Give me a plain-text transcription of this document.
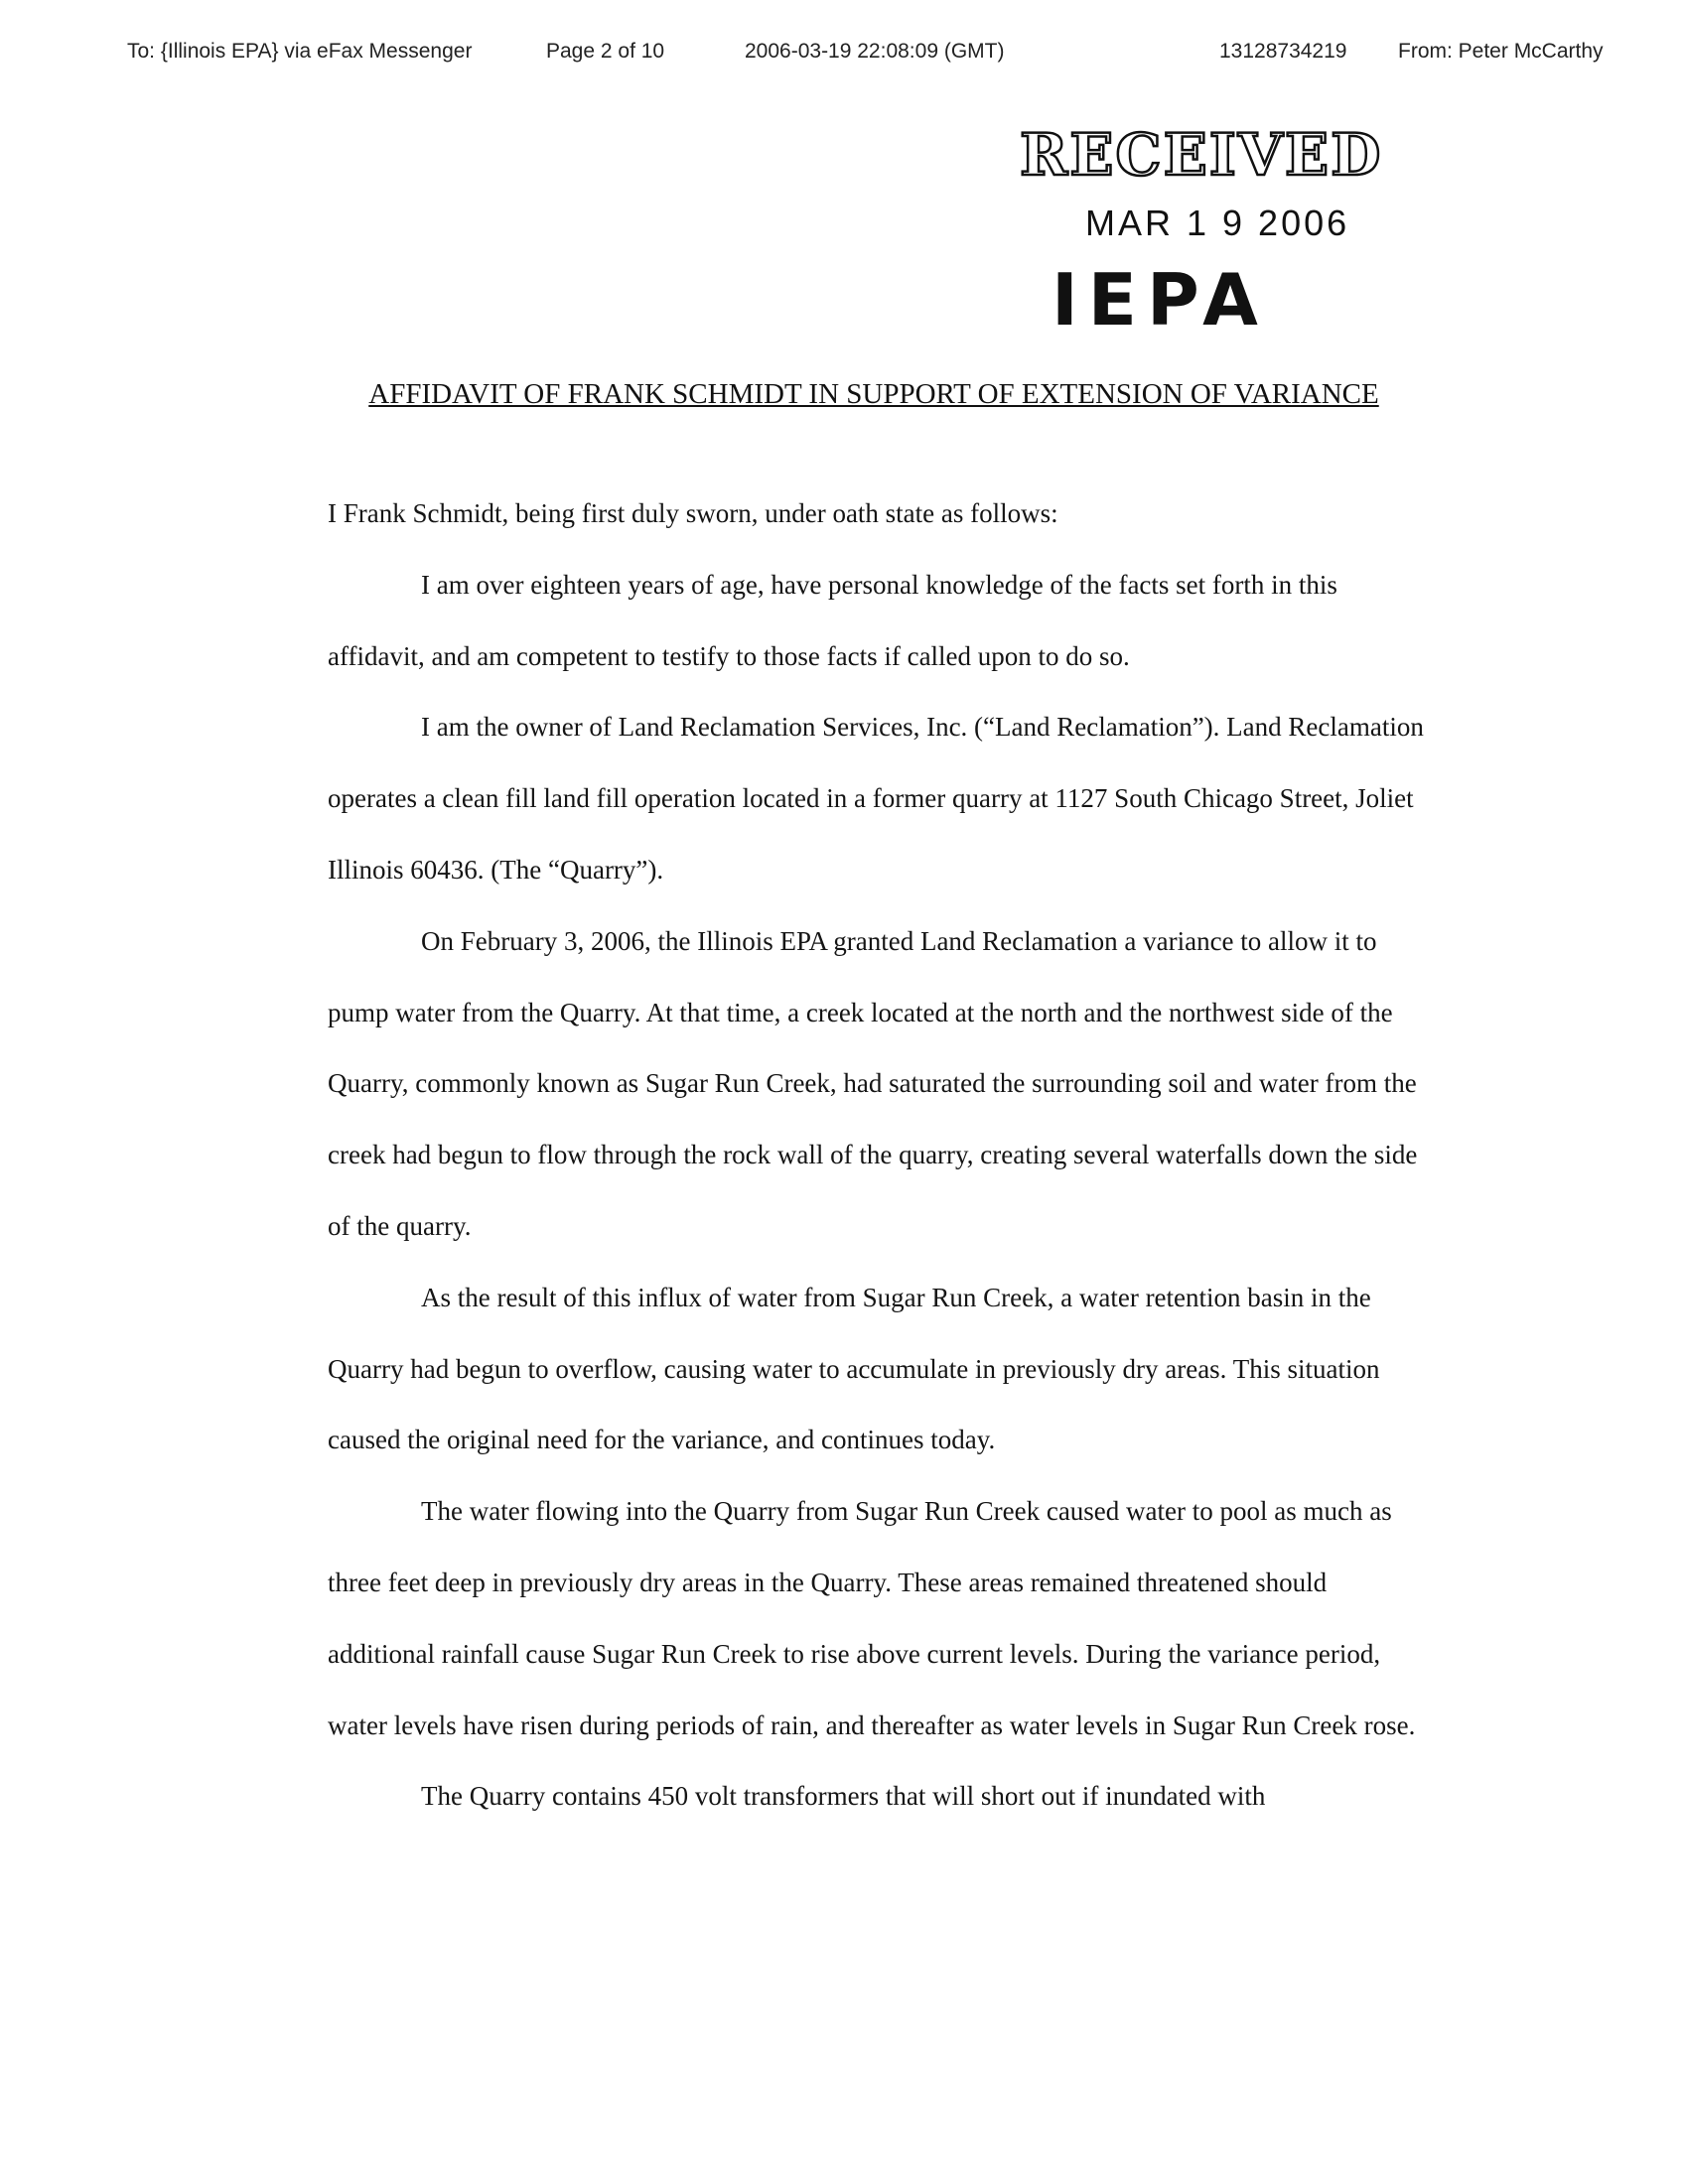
To: {Illinois EPA} via eFax Messenger	Page 2 of 10	2006-03-19 22:08:09 (GMT)	13128734219 From: Peter McCarthy
RECEIVED
MAR 1 9 2006
IEPA
AFFIDAVIT OF FRANK SCHMIDT IN SUPPORT OF EXTENSION OF VARIANCE

I Frank Schmidt, being first duly sworn, under oath state as follows:

I am over eighteen years of age, have personal knowledge of the facts set forth in this affidavit, and am competent to testify to those facts if called upon to do so.

I am the owner of Land Reclamation Services, Inc. (“Land Reclamation”). Land Reclamation operates a clean fill land fill operation located in a former quarry at 1127 South Chicago Street, Joliet Illinois 60436. (The “Quarry”).

On February 3, 2006, the Illinois EPA granted Land Reclamation a variance to allow it to pump water from the Quarry. At that time, a creek located at the north and the northwest side of the Quarry, commonly known as Sugar Run Creek, had saturated the surrounding soil and water from the creek had begun to flow through the rock wall of the quarry, creating several waterfalls down the side of the quarry.

As the result of this influx of water from Sugar Run Creek, a water retention basin in the Quarry had begun to overflow, causing water to accumulate in previously dry areas. This situation caused the original need for the variance, and continues today.

The water flowing into the Quarry from Sugar Run Creek caused water to pool as much as three feet deep in previously dry areas in the Quarry. These areas remained threatened should additional rainfall cause Sugar Run Creek to rise above current levels. During the variance period, water levels have risen during periods of rain, and thereafter as water levels in Sugar Run Creek rose.

The Quarry contains 450 volt transformers that will short out if inundated with
